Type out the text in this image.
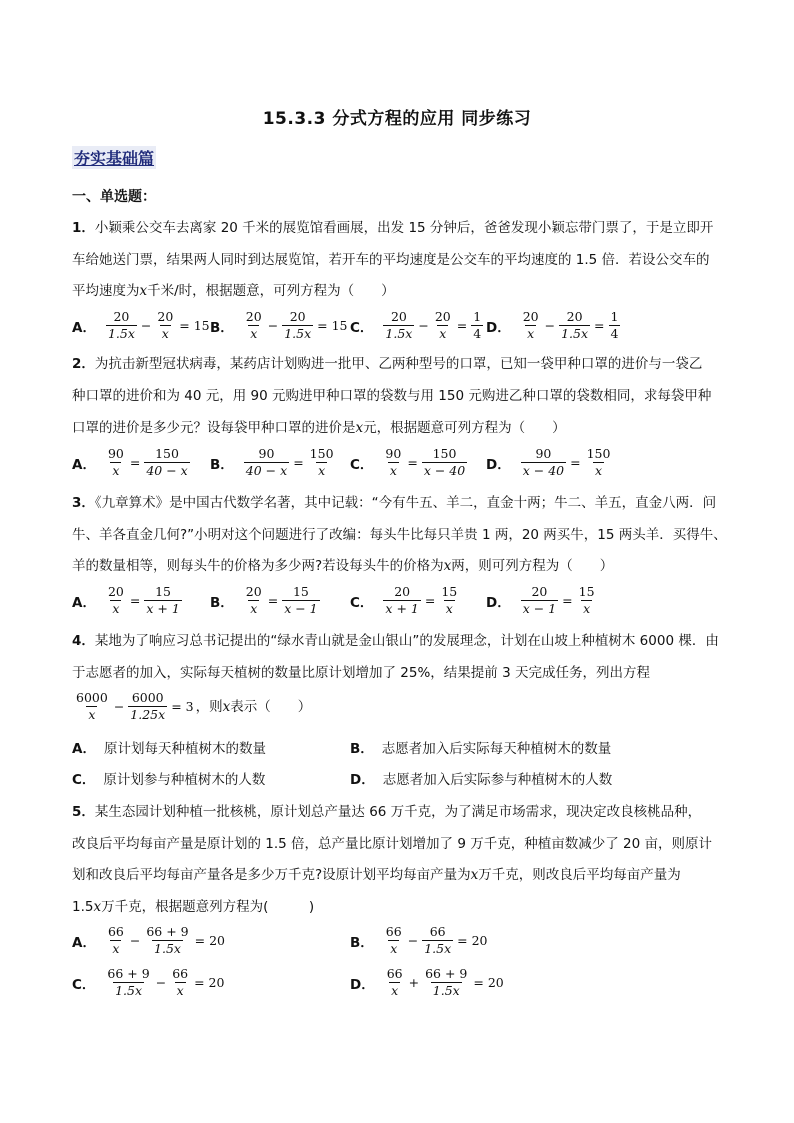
15.3.3 分式方程的应用 同步练习
夯实基础篇
一、单选题：
1．小颖乘公交车去离家 20 千米的展览馆看画展，出发 15 分钟后，爸爸发现小颖忘带门票了，于是立即开
车给她送门票，结果两人同时到达展览馆，若开车的平均速度是公交车的平均速度的 1.5 倍．若设公交车的
平均速度为x千米/时，根据题意，可列方程为（　　）
A． $\frac{20}{1.5x} - \frac{20}{x} = 15$ B． $\frac{20}{x} - \frac{20}{1.5x} = 15$ C． $\frac{20}{1.5x} - \frac{20}{x} = \frac{1}{4}$ D． $\frac{20}{x} - \frac{20}{1.5x} = \frac{1}{4}$
2．为抗击新型冠状病毒，某药店计划购进一批甲、乙两种型号的口罩，已知一袋甲种口罩的进价与一袋乙
种口罩的进价和为 40 元，用 90 元购进甲种口罩的袋数与用 150 元购进乙种口罩的袋数相同，求每袋甲种
口罩的进价是多少元？设每袋甲种口罩的进价是x元，根据题意可列方程为（　　）
A． $\frac{90}{x} = \frac{150}{40 - x}$ B． $\frac{90}{40 - x} = \frac{150}{x}$ C． $\frac{90}{x} = \frac{150}{x - 40}$ D． $\frac{90}{x - 40} = \frac{150}{x}$
3．《九章算术》是中国古代数学名著，其中记载：“今有牛五、羊二，直金十两；牛二、羊五，直金八两．问
牛、羊各直金几何?”小明对这个问题进行了改编：每头牛比每只羊贵 1 两，20 两买牛，15 两头羊．买得牛、
羊的数量相等，则每头牛的价格为多少两?若设每头牛的价格为x两，则可列方程为（　　）
A． $\frac{20}{x} = \frac{15}{x + 1}$ B． $\frac{20}{x} = \frac{15}{x - 1}$ C． $\frac{20}{x + 1} = \frac{15}{x}$ D． $\frac{20}{x - 1} = \frac{15}{x}$
4．某地为了响应习总书记提出的“绿水青山就是金山银山”的发展理念，计划在山坡上种植树木 6000 棵．由
于志愿者的加入，实际每天植树的数量比原计划增加了 25%，结果提前 3 天完成任务，列出方程
$\frac{6000}{x} - \frac{6000}{1.25x} = 3$ ，则 x 表示（　　）
A． 原计划每天种植树木的数量	B． 志愿者加入后实际每天种植树木的数量
C． 原计划参与种植树木的人数	D． 志愿者加入后实际参与种植树木的人数
5．某生态园计划种植一批核桃，原计划总产量达 66 万千克，为了满足市场需求，现决定改良核桃品种，
改良后平均每亩产量是原计划的 1.5 倍，总产量比原计划增加了 9 万千克，种植亩数减少了 20 亩，则原计
划和改良后平均每亩产量各是多少万千克?设原计划平均每亩产量为x万千克，则改良后平均每亩产量为
1.5x万千克，根据题意列方程为(　　　)
A． $\frac{66}{x} - \frac{66 + 9}{1.5x} = 20$	B． $\frac{66}{x} - \frac{66}{1.5x} = 20$
C． $\frac{66 + 9}{1.5x} - \frac{66}{x} = 20$	D． $\frac{66}{x} + \frac{66 + 9}{1.5x} = 20$
